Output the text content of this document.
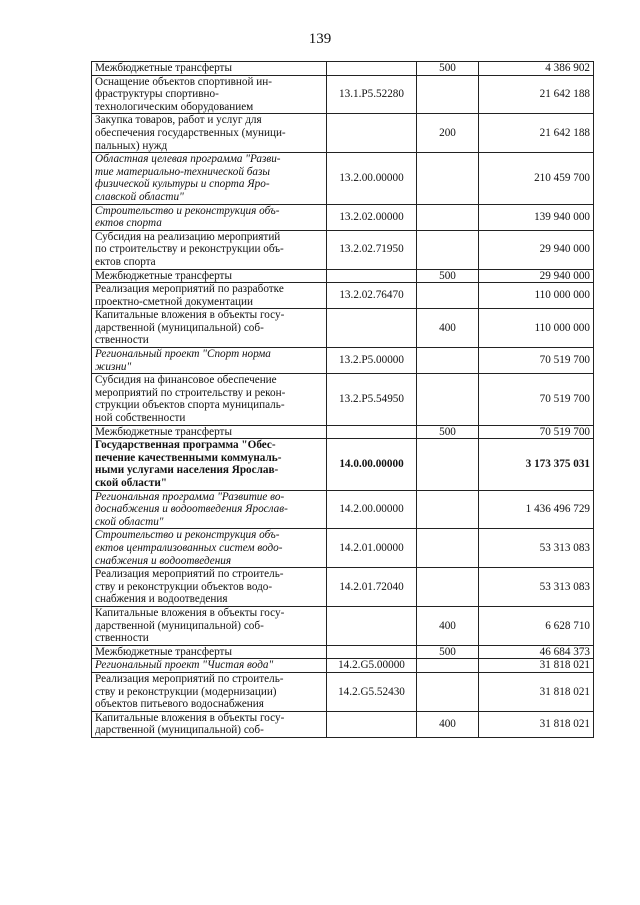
139
Межбюджетные трансферты		500	4 386 902
Оснащение объектов спортивной ин-
фраструктуры спортивно-
технологическим оборудованием	13.1.Р5.52280		21 642 188
Закупка товаров, работ и услуг для
обеспечения государственных (муници-
пальных) нужд		200	21 642 188
Областная целевая программа "Разви-
тие материально-технической базы
физической культуры и спорта Яро-
славской области"	13.2.00.00000		210 459 700
Строительство и реконструкция объ-
ектов спорта	13.2.02.00000		139 940 000
Субсидия на реализацию мероприятий
по строительству и реконструкции объ-
ектов спорта	13.2.02.71950		29 940 000
Межбюджетные трансферты		500	29 940 000
Реализация мероприятий по разработке
проектно-сметной документации	13.2.02.76470		110 000 000
Капитальные вложения в объекты госу-
дарственной (муниципальной) соб-
ственности		400	110 000 000
Региональный проект "Спорт норма
жизни"	13.2.Р5.00000		70 519 700
Субсидия на финансовое обеспечение
мероприятий по строительству и рекон-
струкции объектов спорта муниципаль-
ной собственности	13.2.Р5.54950		70 519 700
Межбюджетные трансферты		500	70 519 700
Государственная программа "Обес-
печение качественными коммуналь-
ными услугами населения Ярослав-
ской области"	14.0.00.00000		3 173 375 031
Региональная программа "Развитие во-
доснабжения и водоотведения Ярослав-
ской области"	14.2.00.00000		1 436 496 729
Строительство и реконструкция объ-
ектов централизованных систем водо-
снабжения и водоотведения	14.2.01.00000		53 313 083
Реализация мероприятий по строитель-
ству и реконструкции объектов водо-
снабжения и водоотведения	14.2.01.72040		53 313 083
Капитальные вложения в объекты госу-
дарственной (муниципальной) соб-
ственности		400	6 628 710
Межбюджетные трансферты		500	46 684 373
Региональный проект "Чистая вода"	14.2.G5.00000		31 818 021
Реализация мероприятий по строитель-
ству и реконструкции (модернизации)
объектов питьевого водоснабжения	14.2.G5.52430		31 818 021
Капитальные вложения в объекты госу-
дарственной (муниципальной) соб-		400	31 818 021
